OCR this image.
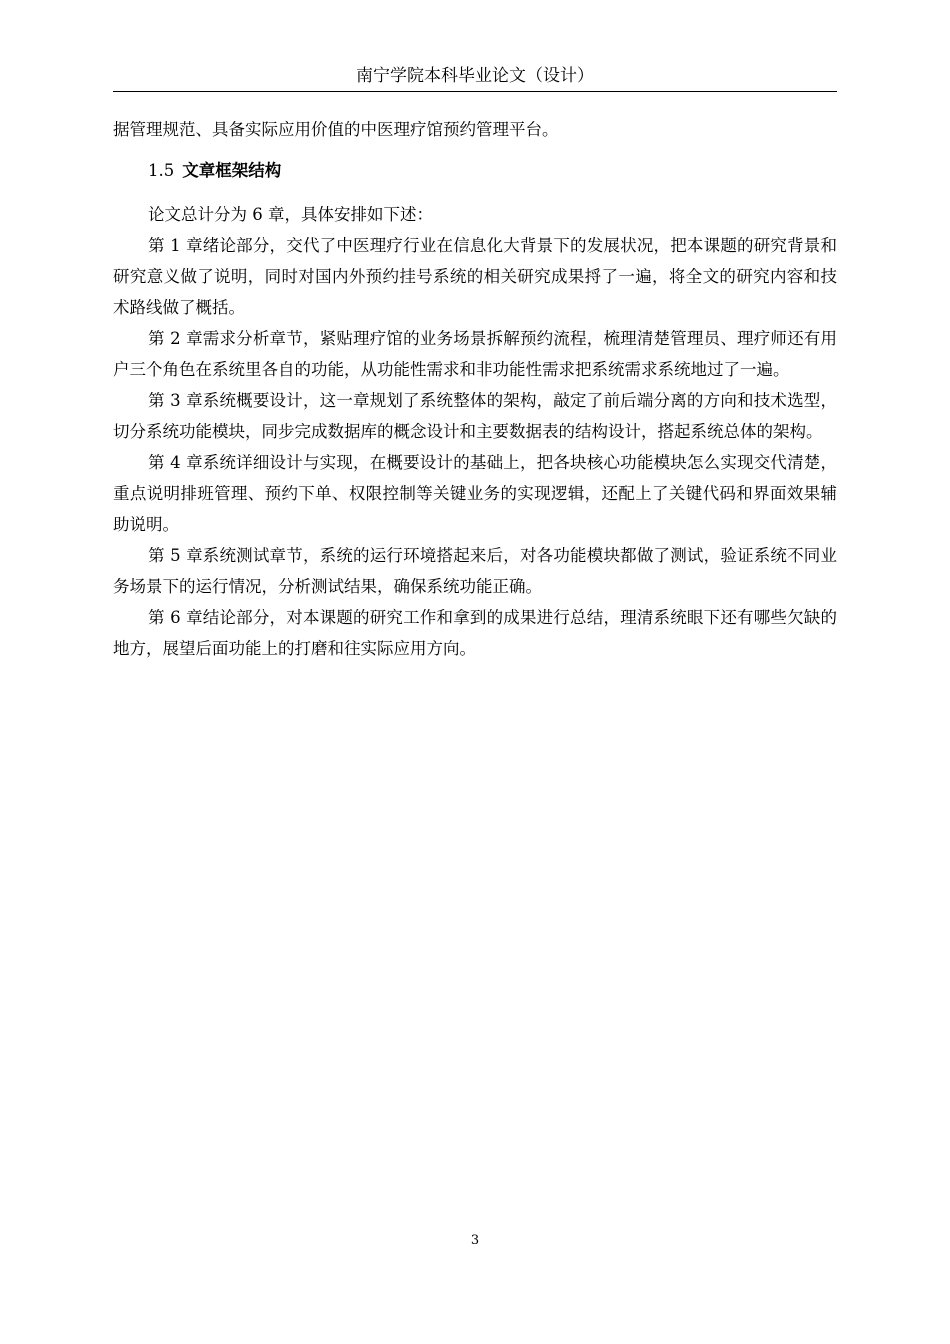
南宁学院本科毕业论文（设计）

据管理规范、具备实际应用价值的中医理疗馆预约管理平台。

1.5 文章框架结构

论文总计分为 6 章，具体安排如下述：

第 1 章绪论部分，交代了中医理疗行业在信息化大背景下的发展状况，把本课题的研究背景和研究意义做了说明，同时对国内外预约挂号系统的相关研究成果捋了一遍，将全文的研究内容和技术路线做了概括。

第 2 章需求分析章节，紧贴理疗馆的业务场景拆解预约流程，梳理清楚管理员、理疗师还有用户三个角色在系统里各自的功能，从功能性需求和非功能性需求把系统需求系统地过了一遍。

第 3 章系统概要设计，这一章规划了系统整体的架构，敲定了前后端分离的方向和技术选型，切分系统功能模块，同步完成数据库的概念设计和主要数据表的结构设计，搭起系统总体的架构。

第 4 章系统详细设计与实现，在概要设计的基础上，把各块核心功能模块怎么实现交代清楚，重点说明排班管理、预约下单、权限控制等关键业务的实现逻辑，还配上了关键代码和界面效果辅助说明。

第 5 章系统测试章节，系统的运行环境搭起来后，对各功能模块都做了测试，验证系统不同业务场景下的运行情况，分析测试结果，确保系统功能正确。

第 6 章结论部分，对本课题的研究工作和拿到的成果进行总结，理清系统眼下还有哪些欠缺的地方，展望后面功能上的打磨和往实际应用方向。

3
